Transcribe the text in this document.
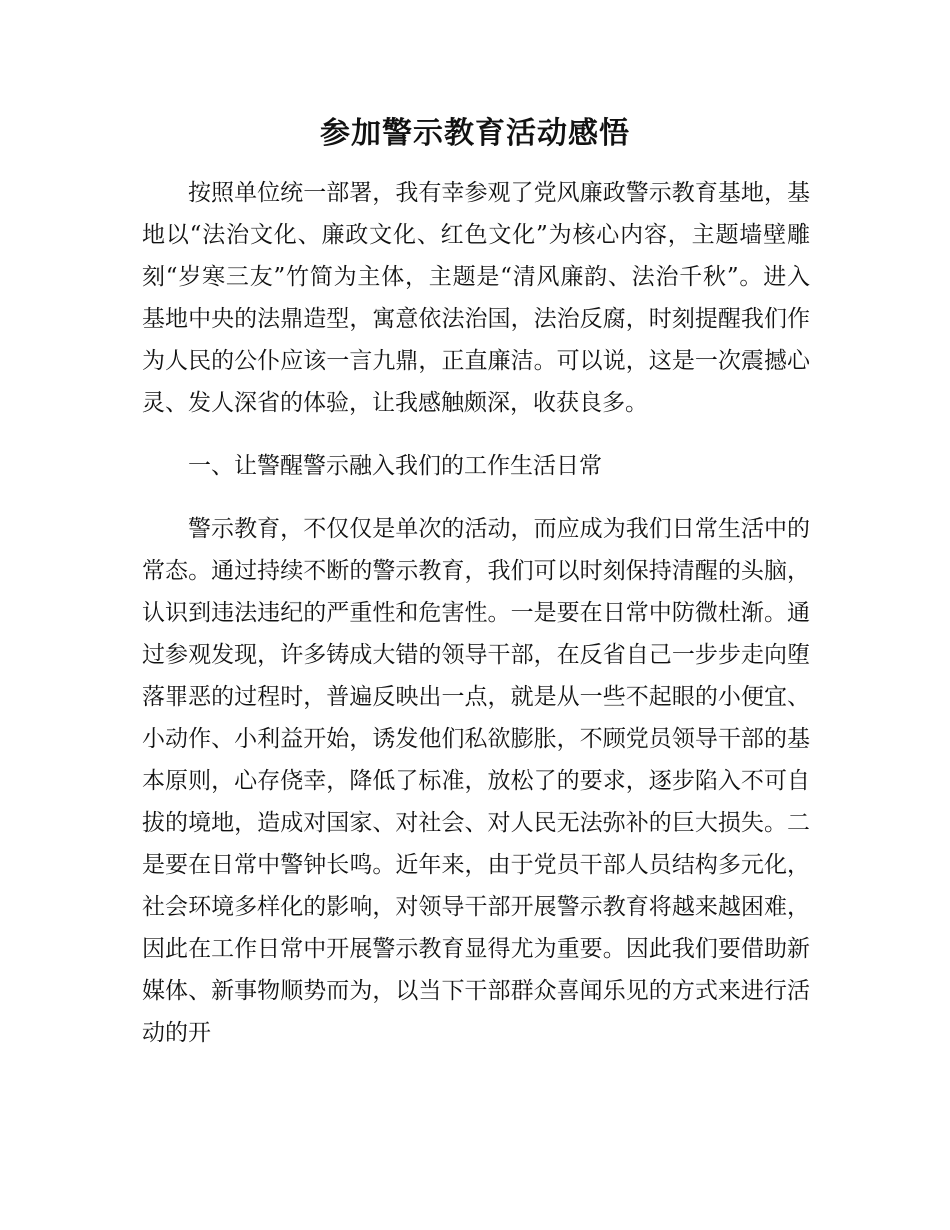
参加警示教育活动感悟

按照单位统一部署，我有幸参观了党风廉政警示教育基地，基地以“法治文化、廉政文化、红色文化”为核心内容，主题墙壁雕刻“岁寒三友”竹简为主体，主题是“清风廉韵、法治千秋”。进入基地中央的法鼎造型，寓意依法治国，法治反腐，时刻提醒我们作为人民的公仆应该一言九鼎，正直廉洁。可以说，这是一次震撼心灵、发人深省的体验，让我感触颇深，收获良多。

一、让警醒警示融入我们的工作生活日常

警示教育，不仅仅是单次的活动，而应成为我们日常生活中的常态。通过持续不断的警示教育，我们可以时刻保持清醒的头脑，认识到违法违纪的严重性和危害性。一是要在日常中防微杜渐。通过参观发现，许多铸成大错的领导干部，在反省自己一步步走向堕落罪恶的过程时，普遍反映出一点，就是从一些不起眼的小便宜、小动作、小利益开始，诱发他们私欲膨胀，不顾党员领导干部的基本原则，心存侥幸，降低了标准，放松了的要求，逐步陷入不可自拔的境地，造成对国家、对社会、对人民无法弥补的巨大损失。二是要在日常中警钟长鸣。近年来，由于党员干部人员结构多元化，社会环境多样化的影响，对领导干部开展警示教育将越来越困难，因此在工作日常中开展警示教育显得尤为重要。因此我们要借助新媒体、新事物顺势而为，以当下干部群众喜闻乐见的方式来进行活动的开
